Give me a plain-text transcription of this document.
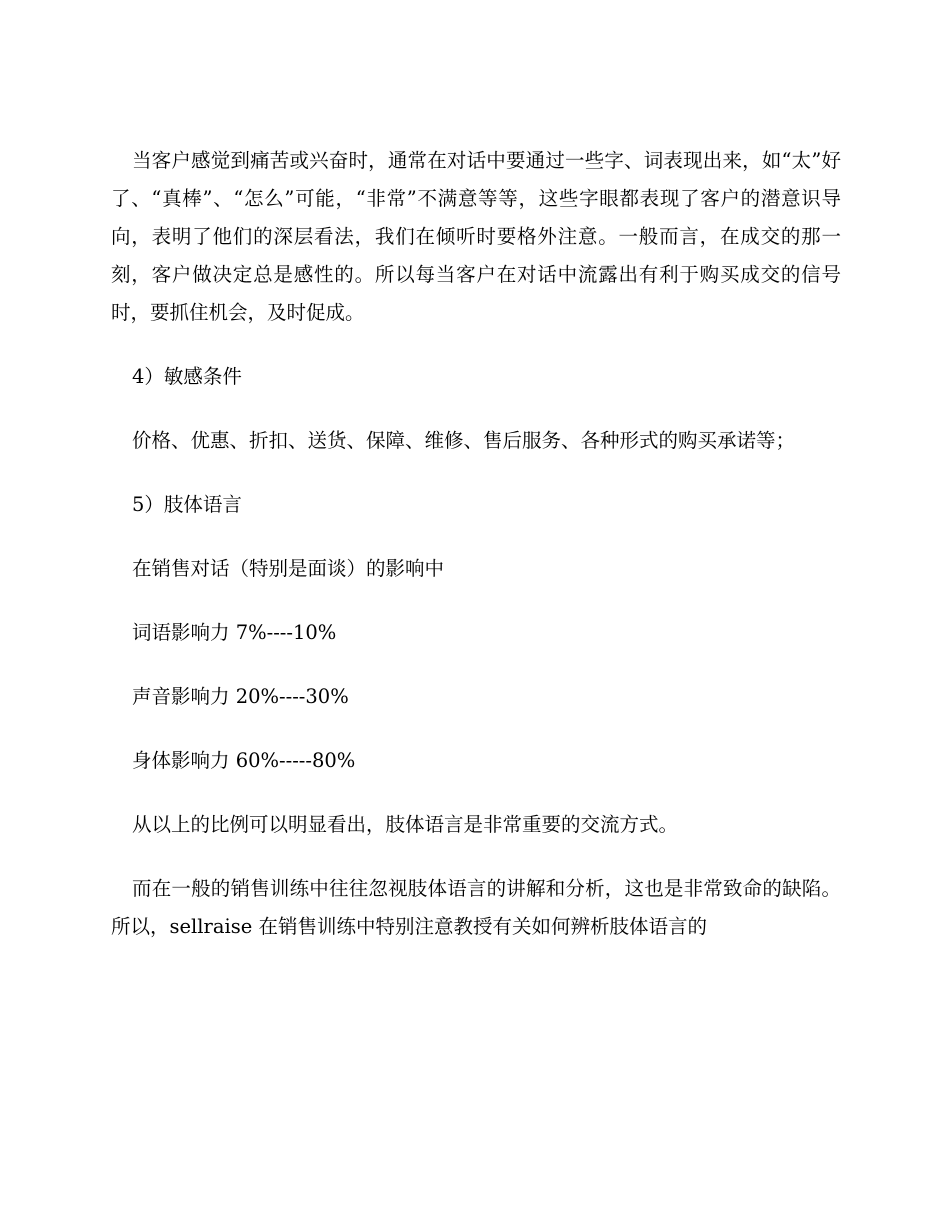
当客户感觉到痛苦或兴奋时，通常在对话中要通过一些字、词表现出来，如“太”好了、“真棒”、“怎么”可能，“非常”不满意等等，这些字眼都表现了客户的潜意识导向，表明了他们的深层看法，我们在倾听时要格外注意。一般而言，在成交的那一刻，客户做决定总是感性的。所以每当客户在对话中流露出有利于购买成交的信号时，要抓住机会，及时促成。

4）敏感条件

价格、优惠、折扣、送货、保障、维修、售后服务、各种形式的购买承诺等；

5）肢体语言

在销售对话（特别是面谈）的影响中

词语影响力 7%----10%

声音影响力 20%----30%

身体影响力 60%-----80%

从以上的比例可以明显看出，肢体语言是非常重要的交流方式。

而在一般的销售训练中往往忽视肢体语言的讲解和分析，这也是非常致命的缺陷。所以，sellraise 在销售训练中特别注意教授有关如何辨析肢体语言的
